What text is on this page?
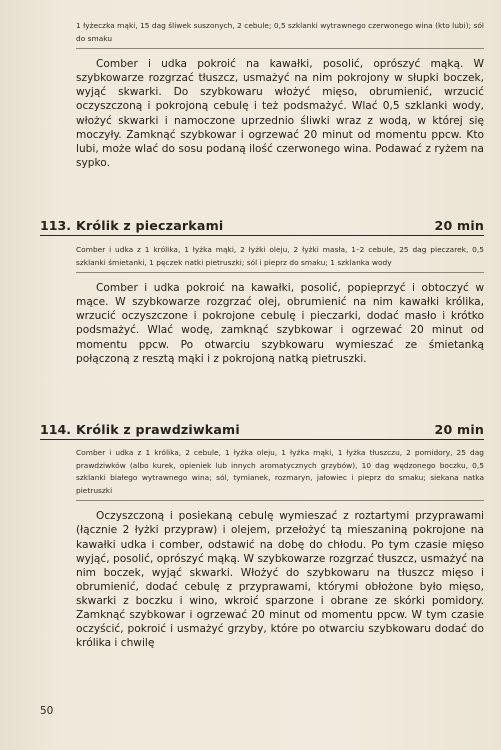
1 łyżeczka mąki, 15 dag śliwek suszonych, 2 cebule; 0,5 szklanki wytrawnego czerwonego wina (kto lubi); sól do smaku

Comber i udka pokroić na kawałki, posolić, oprószyć mąką. W szybkowarze rozgrzać tłuszcz, usmażyć na nim pokrojony w słupki boczek, wyjąć skwarki. Do szybkowaru włożyć mięso, obrumienić, wrzucić oczyszczoną i pokrojoną cebulę i też podsmażyć. Wlać 0,5 szklanki wody, włożyć skwarki i namoczone uprzednio śliwki wraz z wodą, w której się moczyły. Zamknąć szybkowar i ogrzewać 20 minut od momentu ppcw. Kto lubi, może wlać do sosu podaną ilość czerwonego wina. Podawać z ryżem na sypko.

113. Królik z pieczarkami	20 min
Comber i udka z 1 królika, 1 łyżka mąki, 2 łyżki oleju, 2 łyżki masła, 1–2 cebule, 25 dag pieczarek, 0,5 szklanki śmietanki, 1 pęczek natki pietruszki; sól i pieprz do smaku; 1 szklanka wody

Comber i udka pokroić na kawałki, posolić, popieprzyć i obtoczyć w mące. W szybkowarze rozgrzać olej, obrumienić na nim kawałki królika, wrzucić oczyszczone i pokrojone cebulę i pieczarki, dodać masło i krótko podsmażyć. Wlać wodę, zamknąć szybkowar i ogrzewać 20 minut od momentu ppcw. Po otwarciu szybkowaru wymieszać ze śmietanką połączoną z resztą mąki i z pokrojoną natką pietruszki.

114. Królik z prawdziwkami	20 min
Comber i udka z 1 królika, 2 cebule, 1 łyżka oleju, 1 łyżka mąki, 1 łyżka tłuszczu, 2 pomidory, 25 dag prawdziwków (albo kurek, opieniek lub innych aromatycznych grzybów), 10 dag wędzonego boczku, 0,5 szklanki białego wytrawnego wina; sól, tymianek, rozmaryn, jałowiec i pieprz do smaku; siekana natka pietruszki

Oczyszczoną i posiekaną cebulę wymieszać z roztartymi przyprawami (łącznie 2 łyżki przypraw) i olejem, przełożyć tą mieszaniną pokrojone na kawałki udka i comber, odstawić na dobę do chłodu. Po tym czasie mięso wyjąć, posolić, oprószyć mąką. W szybkowarze rozgrzać tłuszcz, usmażyć na nim boczek, wyjąć skwarki. Włożyć do szybkowaru na tłuszcz mięso i obrumienić, dodać cebulę z przyprawami, którymi obłożone było mięso, skwarki z boczku i wino, wkroić sparzone i obrane ze skórki pomidory. Zamknąć szybkowar i ogrzewać 20 minut od momentu ppcw. W tym czasie oczyścić, pokroić i usmażyć grzyby, które po otwarciu szybkowaru dodać do królika i chwilę

50
